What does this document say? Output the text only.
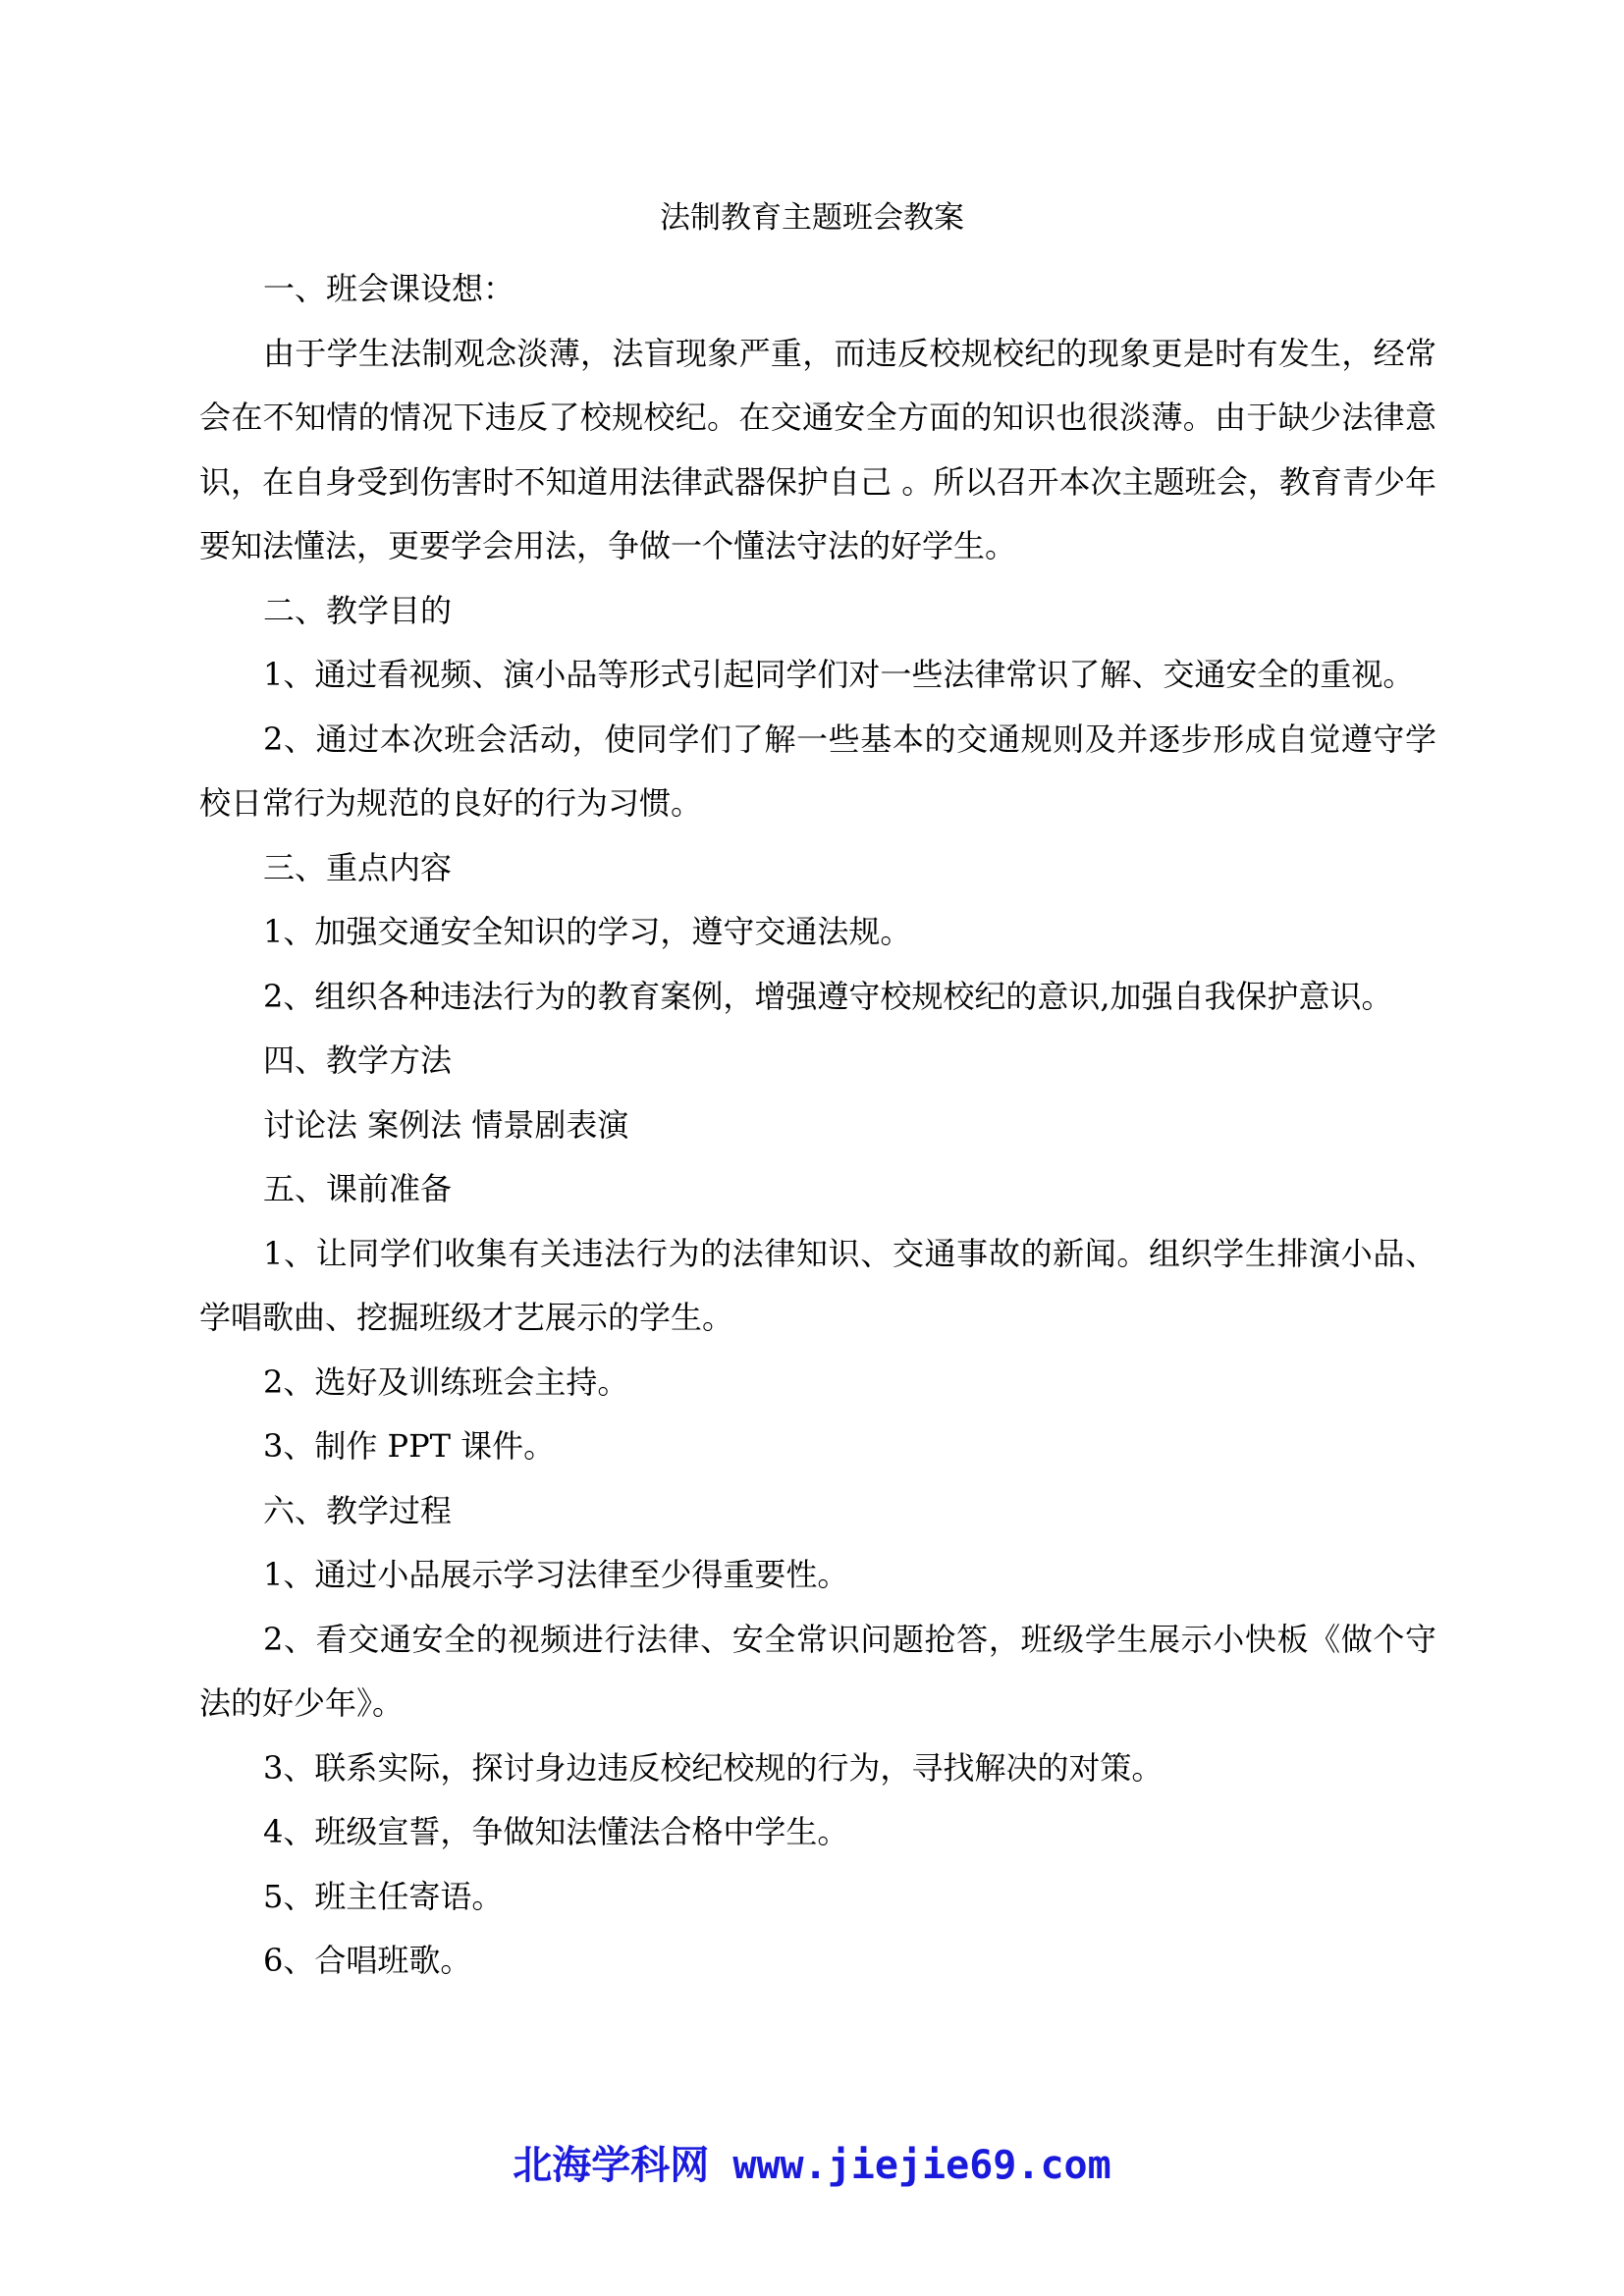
法制教育主题班会教案

一、班会课设想：

由于学生法制观念淡薄，法盲现象严重，而违反校规校纪的现象更是时有发生，经常会在不知情的情况下违反了校规校纪。在交通安全方面的知识也很淡薄。由于缺少法律意识，在自身受到伤害时不知道用法律武器保护自己 。所以召开本次主题班会，教育青少年要知法懂法，更要学会用法，争做一个懂法守法的好学生。

二、教学目的

1、通过看视频、演小品等形式引起同学们对一些法律常识了解、交通安全的重视。

2、通过本次班会活动，使同学们了解一些基本的交通规则及并逐步形成自觉遵守学校日常行为规范的良好的行为习惯。

三、重点内容

1、加强交通安全知识的学习，遵守交通法规。

2、组织各种违法行为的教育案例，增强遵守校规校纪的意识,加强自我保护意识。

四、教学方法

讨论法 案例法 情景剧表演

五、课前准备

1、让同学们收集有关违法行为的法律知识、交通事故的新闻。组织学生排演小品、学唱歌曲、挖掘班级才艺展示的学生。

2、选好及训练班会主持。

3、制作 PPT 课件。

六、教学过程

1、通过小品展示学习法律至少得重要性。

2、看交通安全的视频进行法律、安全常识问题抢答，班级学生展示小快板《做个守法的好少年》。

3、联系实际，探讨身边违反校纪校规的行为，寻找解决的对策。

4、班级宣誓，争做知法懂法合格中学生。

5、班主任寄语。

6、合唱班歌。

北海学科网 www.jiejie69.com
